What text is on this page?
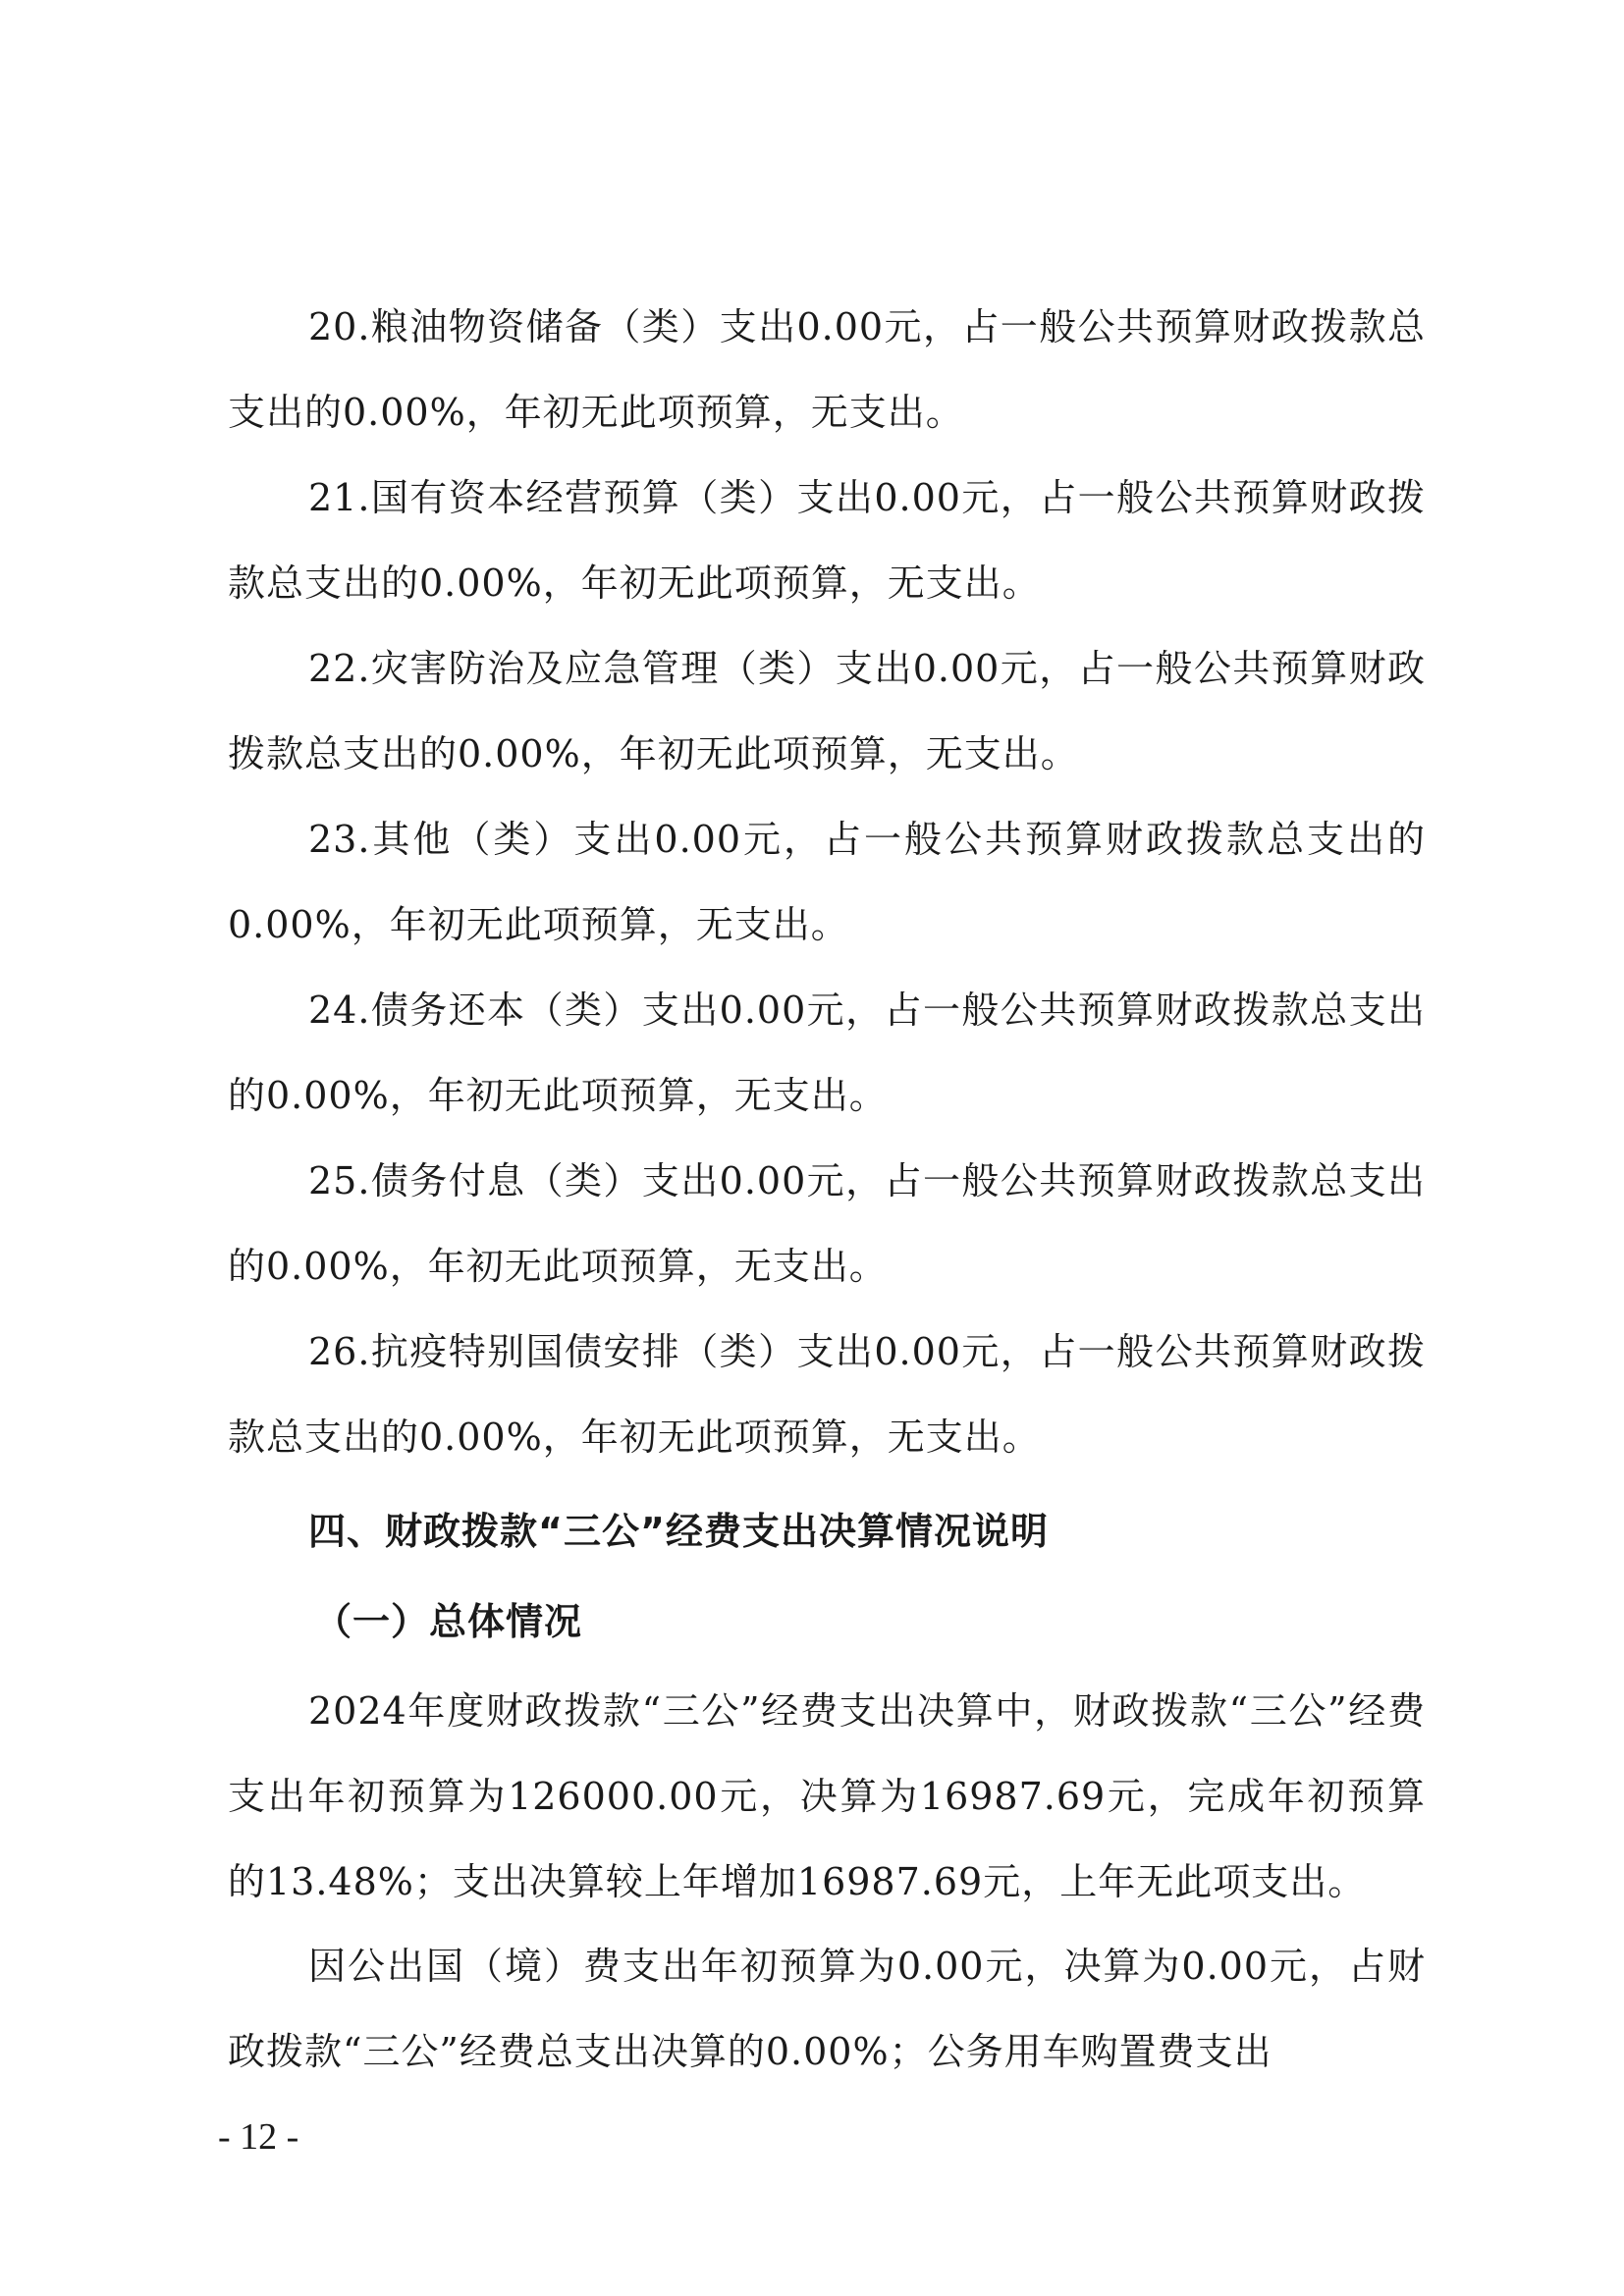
20.粮油物资储备（类）支出0.00元，占一般公共预算财政拨款总支出的0.00%，年初无此项预算，无支出。

21.国有资本经营预算（类）支出0.00元，占一般公共预算财政拨款总支出的0.00%，年初无此项预算，无支出。

22.灾害防治及应急管理（类）支出0.00元，占一般公共预算财政拨款总支出的0.00%，年初无此项预算，无支出。

23.其他（类）支出0.00元，占一般公共预算财政拨款总支出的0.00%，年初无此项预算，无支出。

24.债务还本（类）支出0.00元，占一般公共预算财政拨款总支出的0.00%，年初无此项预算，无支出。

25.债务付息（类）支出0.00元，占一般公共预算财政拨款总支出的0.00%，年初无此项预算，无支出。

26.抗疫特别国债安排（类）支出0.00元，占一般公共预算财政拨款总支出的0.00%，年初无此项预算，无支出。

四、财政拨款“三公”经费支出决算情况说明
（一）总体情况

2024年度财政拨款“三公”经费支出决算中，财政拨款“三公”经费支出年初预算为126000.00元，决算为16987.69元，完成年初预算的13.48%；支出决算较上年增加16987.69元，上年无此项支出。

因公出国（境）费支出年初预算为0.00元，决算为0.00元，占财政拨款“三公”经费总支出决算的0.00%；公务用车购置费支出

- 12 -
